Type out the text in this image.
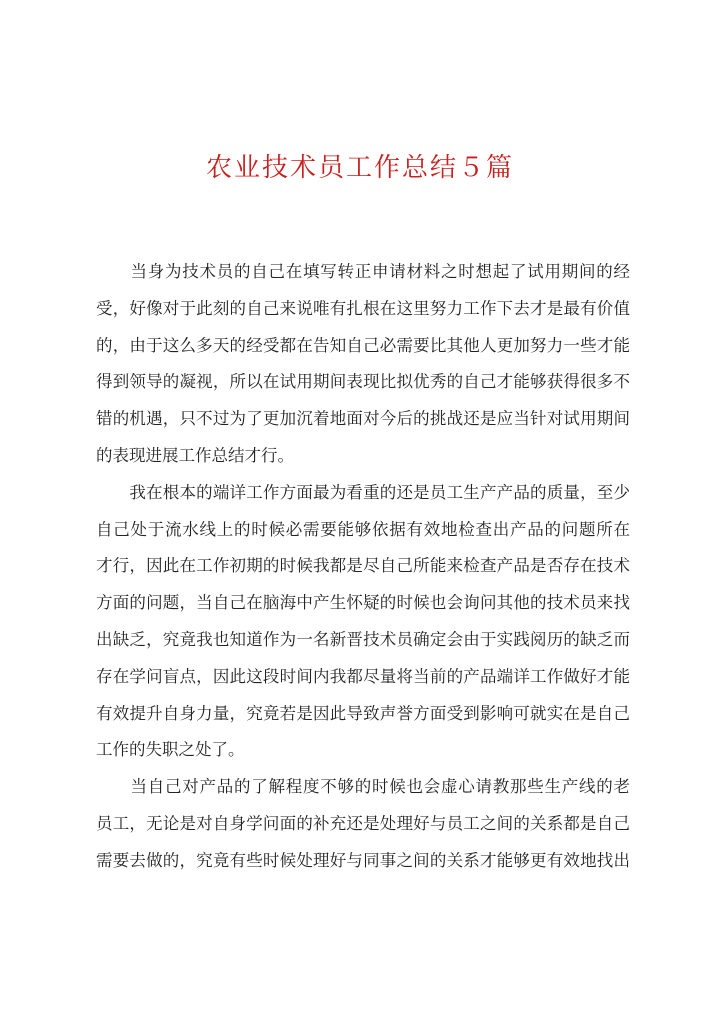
农业技术员工作总结５篇

　　当身为技术员的自己在填写转正申请材料之时想起了试用期间的经
受，好像对于此刻的自己来说唯有扎根在这里努力工作下去才是最有价值
的，由于这么多天的经受都在告知自己必需要比其他人更加努力一些才能
得到领导的凝视，所以在试用期间表现比拟优秀的自己才能够获得很多不
错的机遇，只不过为了更加沉着地面对今后的挑战还是应当针对试用期间
的表现进展工作总结才行。

　　我在根本的端详工作方面最为看重的还是员工生产产品的质量，至少
自己处于流水线上的时候必需要能够依据有效地检查出产品的问题所在
才行，因此在工作初期的时候我都是尽自己所能来检查产品是否存在技术
方面的问题，当自己在脑海中产生怀疑的时候也会询问其他的技术员来找
出缺乏，究竟我也知道作为一名新晋技术员确定会由于实践阅历的缺乏而
存在学问盲点，因此这段时间内我都尽量将当前的产品端详工作做好才能
有效提升自身力量，究竟若是因此导致声誉方面受到影响可就实在是自己
工作的失职之处了。

　　当自己对产品的了解程度不够的时候也会虚心请教那些生产线的老
员工，无论是对自身学问面的补充还是处理好与员工之间的关系都是自己
需要去做的，究竟有些时候处理好与同事之间的关系才能够更有效地找出
